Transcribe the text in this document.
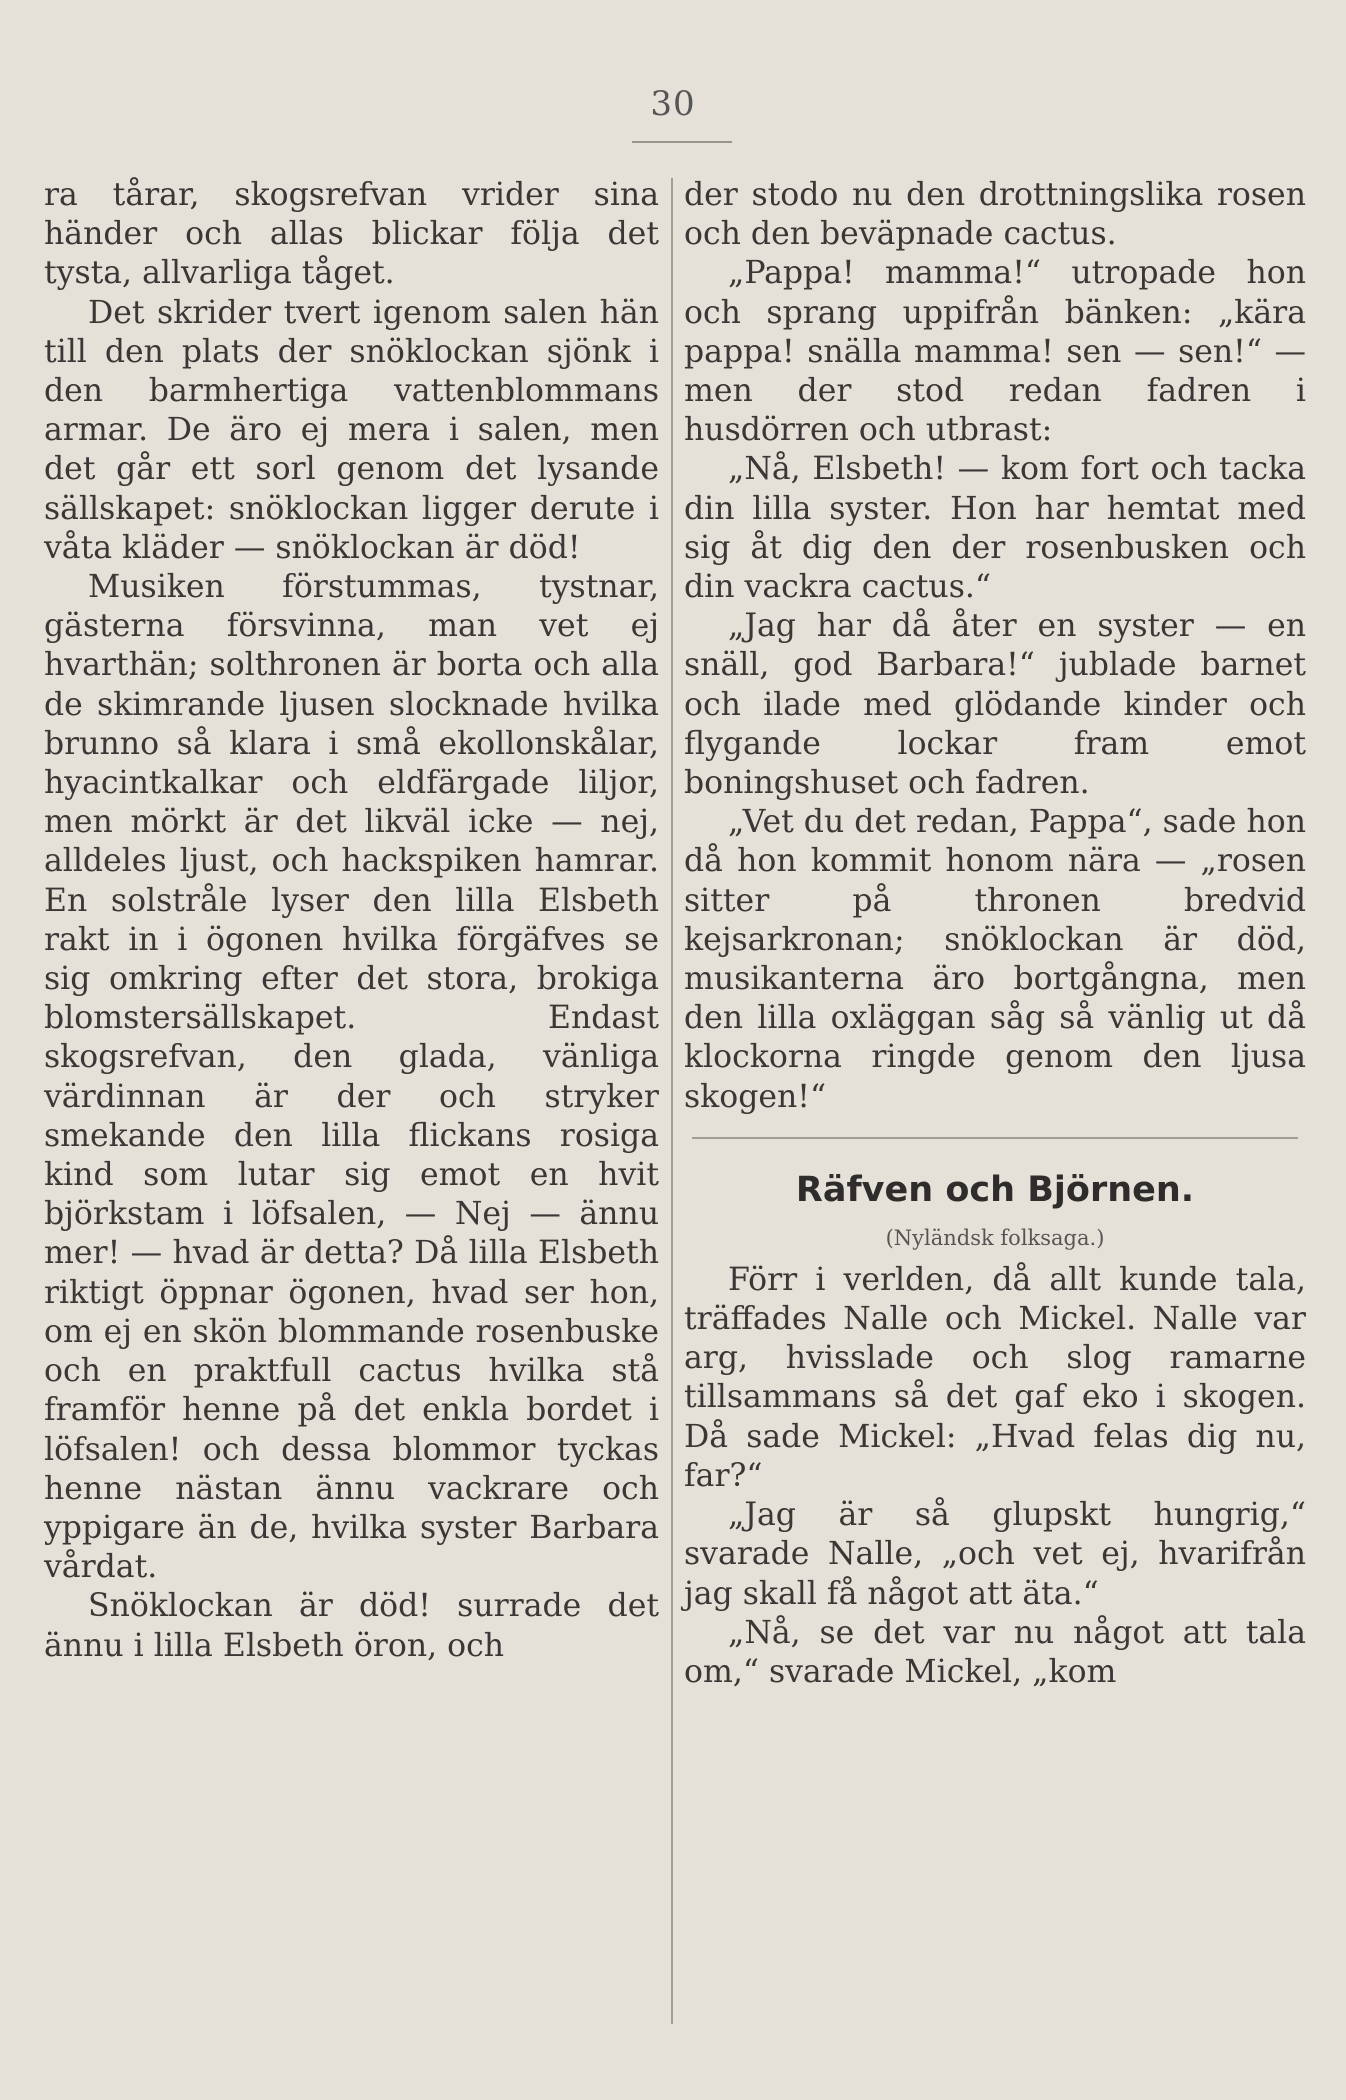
30

ra tårar, skogsrefvan vrider sina händer och allas blickar följa det tysta, allvarliga tåget.

Det skrider tvert igenom salen hän till den plats der snöklockan sjönk i den barmhertiga vattenblommans armar. De äro ej mera i salen, men det går ett sorl genom det lysande sällskapet: snöklockan ligger derute i våta kläder — snöklockan är död!

Musiken förstummas, tystnar, gästerna försvinna, man vet ej hvarthän; solthronen är borta och alla de skimrande ljusen slocknade hvilka brunno så klara i små ekollonskålar, hyacintkalkar och eldfärgade liljor, men mörkt är det likväl icke — nej, alldeles ljust, och hackspiken hamrar. En solstråle lyser den lilla Elsbeth rakt in i ögonen hvilka förgäfves se sig omkring efter det stora, brokiga blomstersällskapet. Endast skogsrefvan, den glada, vänliga värdinnan är der och stryker smekande den lilla flickans rosiga kind som lutar sig emot en hvit björkstam i löfsalen, — Nej — ännu mer! — hvad är detta? Då lilla Elsbeth riktigt öppnar ögonen, hvad ser hon, om ej en skön blommande rosenbuske och en praktfull cactus hvilka stå framför henne på det enkla bordet i löfsalen! och dessa blommor tyckas henne nästan ännu vackrare och yppigare än de, hvilka syster Barbara vårdat.

Snöklockan är död! surrade det ännu i lilla Elsbeth öron, och

der stodo nu den drottningslika rosen och den beväpnade cactus.

„Pappa! mamma!“ utropade hon och sprang uppifrån bänken: „kära pappa! snälla mamma! sen — sen!“ — men der stod redan fadren i husdörren och utbrast:

„Nå, Elsbeth! — kom fort och tacka din lilla syster. Hon har hemtat med sig åt dig den der rosenbusken och din vackra cactus.“

„Jag har då åter en syster — en snäll, god Barbara!“ jublade barnet och ilade med glödande kinder och flygande lockar fram emot boningshuset och fadren.

„Vet du det redan, Pappa“, sade hon då hon kommit honom nära — „rosen sitter på thronen bredvid kejsarkronan; snöklockan är död, musikanterna äro bortgångna, men den lilla oxläggan såg så vänlig ut då klockorna ringde genom den ljusa skogen!“

Räfven och Björnen.
(Nyländsk folksaga.)

Förr i verlden, då allt kunde tala, träffades Nalle och Mickel. Nalle var arg, hvisslade och slog ramarne tillsammans så det gaf eko i skogen. Då sade Mickel: „Hvad felas dig nu, far?“

„Jag är så glupskt hungrig,“ svarade Nalle, „och vet ej, hvarifrån jag skall få något att äta.“

„Nå, se det var nu något att tala om,“ svarade Mickel, „kom
